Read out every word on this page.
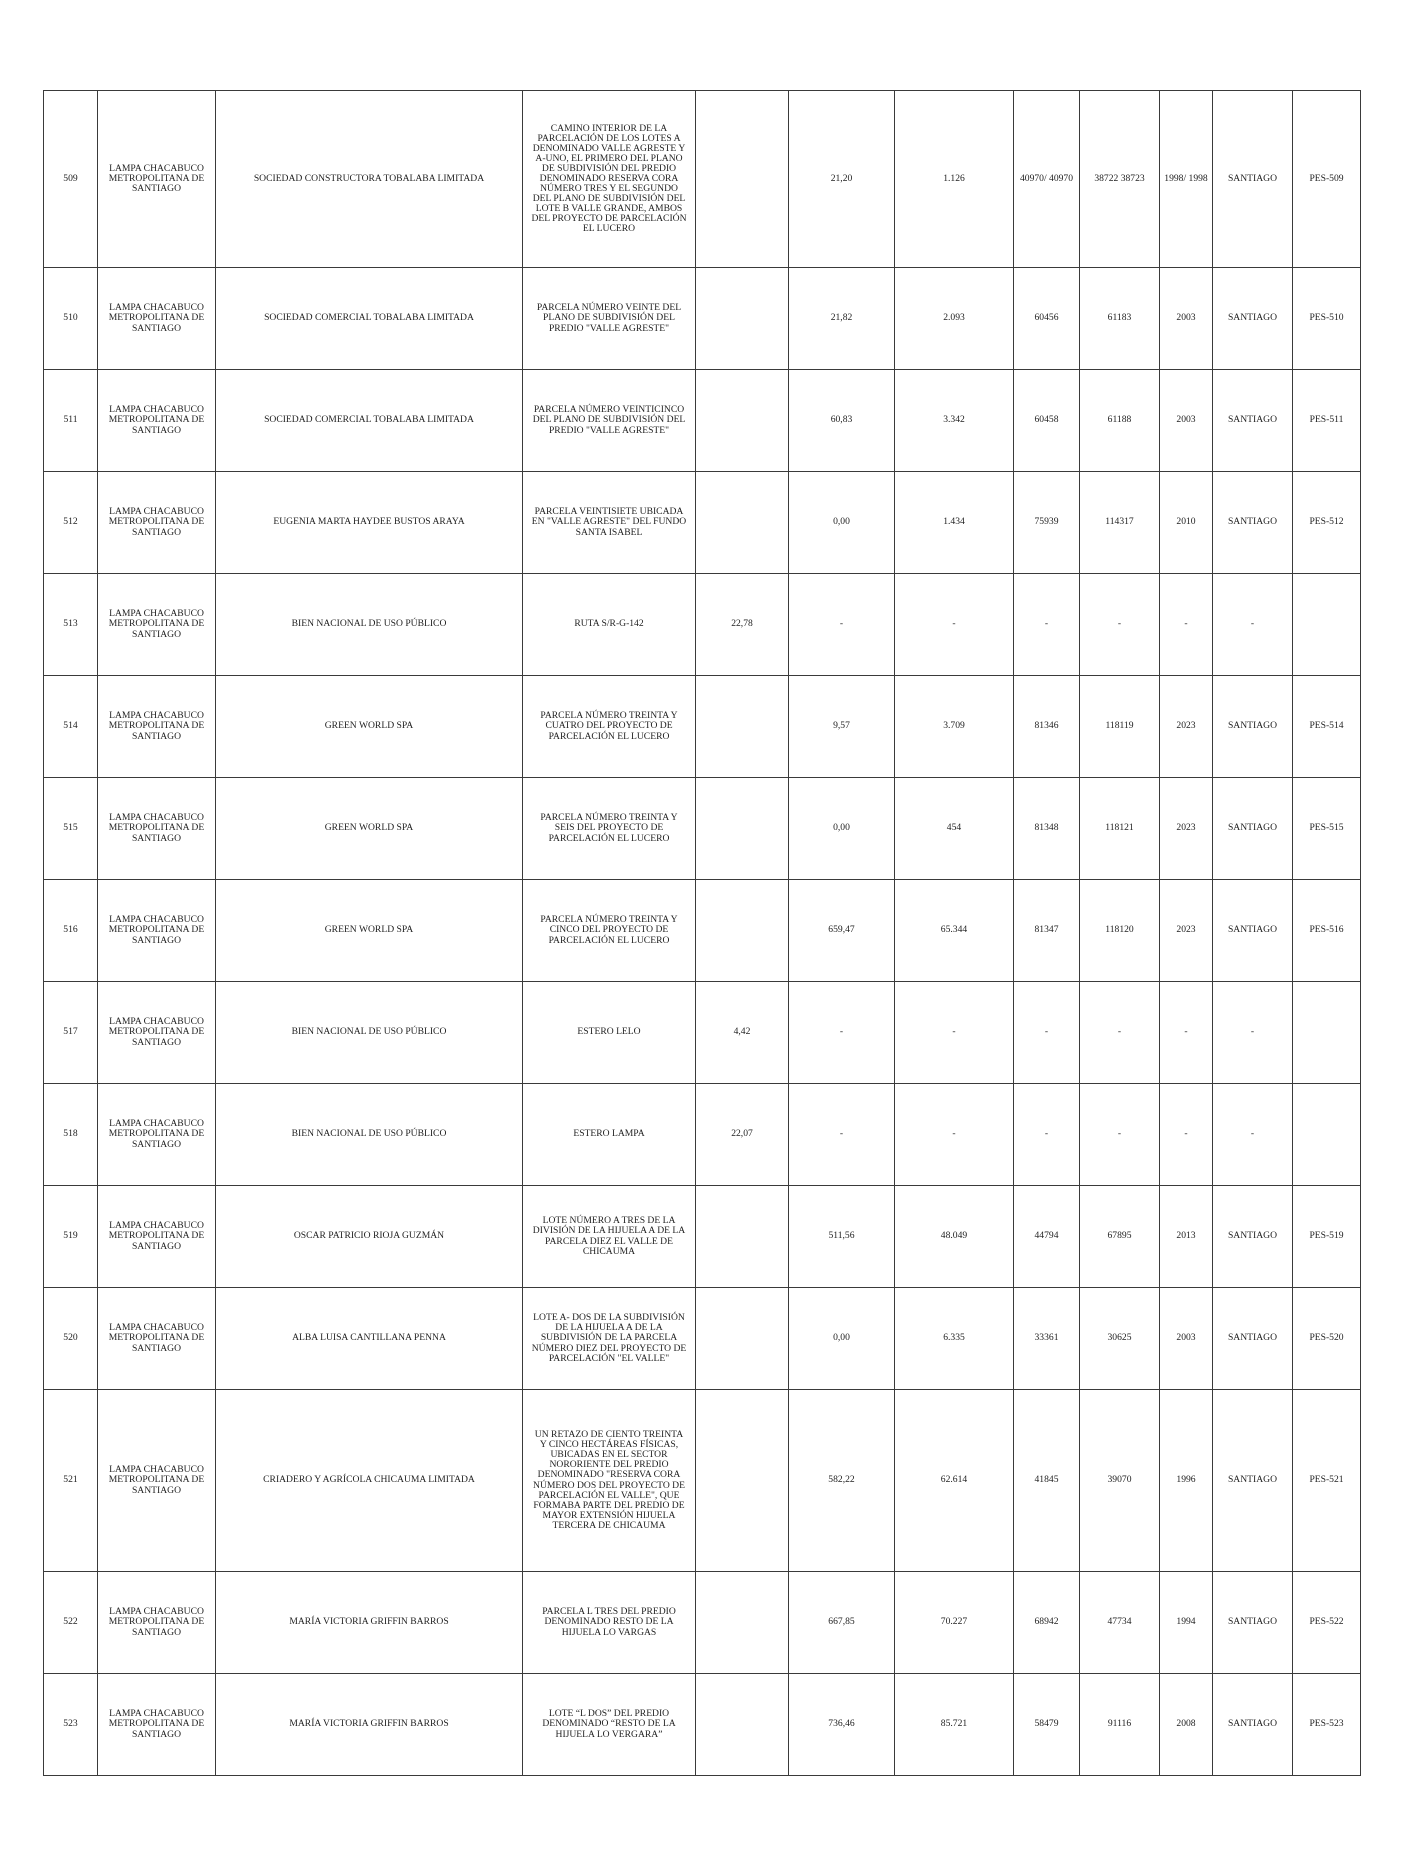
509	LAMPA CHACABUCO METROPOLITANA DE SANTIAGO	SOCIEDAD CONSTRUCTORA TOBALABA LIMITADA	CAMINO INTERIOR DE LA PARCELACIÓN DE LOS LOTES A DENOMINADO VALLE AGRESTE Y A-UNO, EL PRIMERO DEL PLANO DE SUBDIVISIÓN DEL PREDIO DENOMINADO RESERVA CORA NÚMERO TRES Y EL SEGUNDO DEL PLANO DE SUBDIVISIÓN DEL LOTE B VALLE GRANDE, AMBOS DEL PROYECTO DE PARCELACIÓN EL LUCERO		21,20	1.126	40970/ 40970	38722 38723	1998/ 1998	SANTIAGO	PES-509

510	LAMPA CHACABUCO METROPOLITANA DE SANTIAGO	SOCIEDAD COMERCIAL TOBALABA LIMITADA	PARCELA NÚMERO VEINTE DEL PLANO DE SUBDIVISIÓN DEL PREDIO "VALLE AGRESTE"		21,82	2.093	60456	61183	2003	SANTIAGO	PES-510

511	LAMPA CHACABUCO METROPOLITANA DE SANTIAGO	SOCIEDAD COMERCIAL TOBALABA LIMITADA	PARCELA NÚMERO VEINTICINCO DEL PLANO DE SUBDIVISIÓN DEL PREDIO "VALLE AGRESTE"		60,83	3.342	60458	61188	2003	SANTIAGO	PES-511

512	LAMPA CHACABUCO METROPOLITANA DE SANTIAGO	EUGENIA MARTA HAYDEE BUSTOS ARAYA	PARCELA VEINTISIETE UBICADA EN "VALLE AGRESTE" DEL FUNDO SANTA ISABEL		0,00	1.434	75939	114317	2010	SANTIAGO	PES-512

513	LAMPA CHACABUCO METROPOLITANA DE SANTIAGO	BIEN NACIONAL DE USO PÚBLICO	RUTA S/R-G-142	22,78	-	-	-	-	-	-	

514	LAMPA CHACABUCO METROPOLITANA DE SANTIAGO	GREEN WORLD SPA	PARCELA NÚMERO TREINTA Y CUATRO DEL PROYECTO DE PARCELACIÓN EL LUCERO		9,57	3.709	81346	118119	2023	SANTIAGO	PES-514

515	LAMPA CHACABUCO METROPOLITANA DE SANTIAGO	GREEN WORLD SPA	PARCELA NÚMERO TREINTA Y SEIS DEL PROYECTO DE PARCELACIÓN EL LUCERO		0,00	454	81348	118121	2023	SANTIAGO	PES-515

516	LAMPA CHACABUCO METROPOLITANA DE SANTIAGO	GREEN WORLD SPA	PARCELA NÚMERO TREINTA Y CINCO DEL PROYECTO DE PARCELACIÓN EL LUCERO		659,47	65.344	81347	118120	2023	SANTIAGO	PES-516

517	LAMPA CHACABUCO METROPOLITANA DE SANTIAGO	BIEN NACIONAL DE USO PÚBLICO	ESTERO LELO	4,42	-	-	-	-	-	-	

518	LAMPA CHACABUCO METROPOLITANA DE SANTIAGO	BIEN NACIONAL DE USO PÚBLICO	ESTERO LAMPA	22,07	-	-	-	-	-	-	

519	LAMPA CHACABUCO METROPOLITANA DE SANTIAGO	OSCAR PATRICIO RIOJA GUZMÁN	LOTE NÚMERO A TRES DE LA DIVISIÓN DE LA HIJUELA A DE LA PARCELA DIEZ EL VALLE DE CHICAUMA		511,56	48.049	44794	67895	2013	SANTIAGO	PES-519

520	LAMPA CHACABUCO METROPOLITANA DE SANTIAGO	ALBA LUISA CANTILLANA PENNA	LOTE A- DOS DE LA SUBDIVISIÓN DE LA HIJUELA A DE LA SUBDIVISIÓN DE LA PARCELA NÚMERO DIEZ DEL PROYECTO DE PARCELACIÓN "EL VALLE"		0,00	6.335	33361	30625	2003	SANTIAGO	PES-520

521	LAMPA CHACABUCO METROPOLITANA DE SANTIAGO	CRIADERO Y AGRÍCOLA CHICAUMA LIMITADA	UN RETAZO DE CIENTO TREINTA Y CINCO HECTÁREAS FÍSICAS, UBICADAS EN EL SECTOR NORORIENTE DEL PREDIO DENOMINADO "RESERVA CORA NÚMERO DOS DEL PROYECTO DE PARCELACIÓN EL VALLE", QUE FORMABA PARTE DEL PREDIO DE MAYOR EXTENSIÓN HIJUELA TERCERA DE CHICAUMA		582,22	62.614	41845	39070	1996	SANTIAGO	PES-521

522	LAMPA CHACABUCO METROPOLITANA DE SANTIAGO	MARÍA VICTORIA GRIFFIN BARROS	PARCELA L TRES DEL PREDIO DENOMINADO RESTO DE LA HIJUELA LO VARGAS		667,85	70.227	68942	47734	1994	SANTIAGO	PES-522

523	LAMPA CHACABUCO METROPOLITANA DE SANTIAGO	MARÍA VICTORIA GRIFFIN BARROS	LOTE “L DOS” DEL PREDIO DENOMINADO “RESTO DE LA HIJUELA LO VERGARA”		736,46	85.721	58479	91116	2008	SANTIAGO	PES-523
